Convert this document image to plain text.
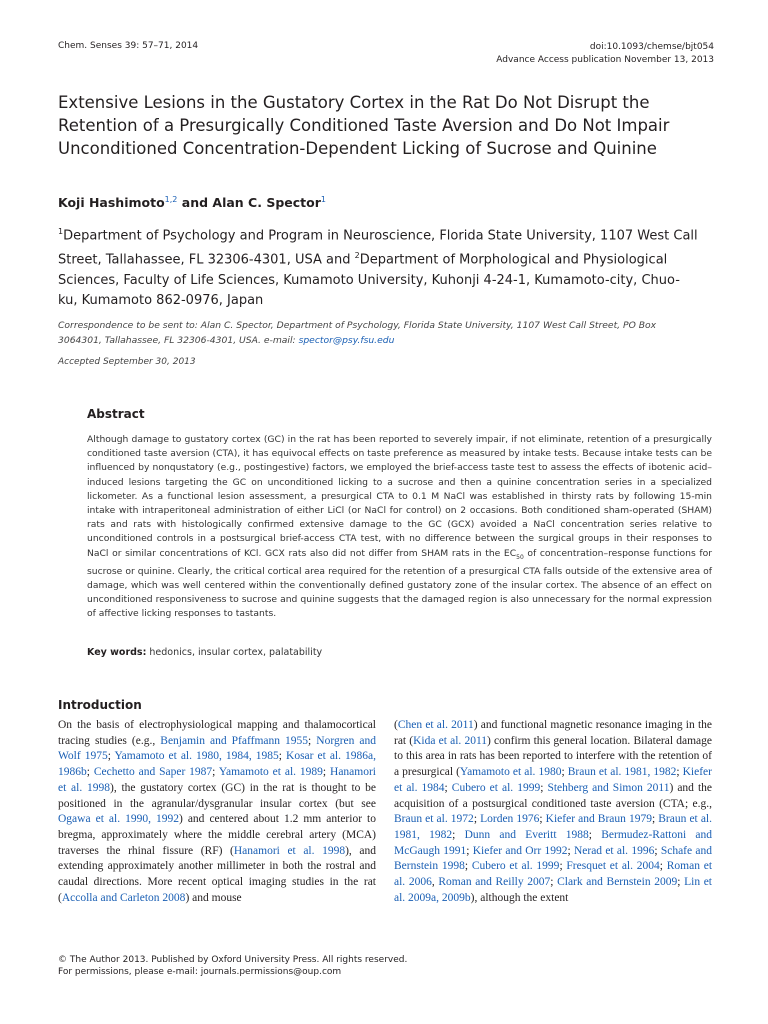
Chem. Senses 39: 57–71, 2014	doi:10.1093/chemse/bjt054
Advance Access publication November 13, 2013
Extensive Lesions in the Gustatory Cortex in the Rat Do Not Disrupt the Retention of a Presurgically Conditioned Taste Aversion and Do Not Impair Unconditioned Concentration-Dependent Licking of Sucrose and Quinine
Koji Hashimoto$^{1,2}$ and Alan C. Spector$^1$
$^1$Department of Psychology and Program in Neuroscience, Florida State University, 1107 West Call Street, Tallahassee, FL 32306-4301, USA and $^2$Department of Morphological and Physiological Sciences, Faculty of Life Sciences, Kumamoto University, Kuhonji 4-24-1, Kumamoto-city, Chuo-ku, Kumamoto 862-0976, Japan
Correspondence to be sent to: Alan C. Spector, Department of Psychology, Florida State University, 1107 West Call Street, PO Box 3064301, Tallahassee, FL 32306-4301, USA. e-mail: spector@psy.fsu.edu
Accepted September 30, 2013
Abstract
Although damage to gustatory cortex (GC) in the rat has been reported to severely impair, if not eliminate, retention of a presurgically conditioned taste aversion (CTA), it has equivocal effects on taste preference as measured by intake tests. Because intake tests can be influenced by nonqustatory (e.g., postingestive) factors, we employed the brief-access taste test to assess the effects of ibotenic acid–induced lesions targeting the GC on unconditioned licking to a sucrose and then a quinine concentration series in a specialized lickometer. As a functional lesion assessment, a presurgical CTA to 0.1 M NaCl was established in thirsty rats by following 15-min intake with intraperitoneal administration of either LiCl (or NaCl for control) on 2 occasions. Both conditioned sham-operated (SHAM) rats and rats with histologically confirmed extensive damage to the GC (GCX) avoided a NaCl concentration series relative to unconditioned controls in a postsurgical brief-access CTA test, with no difference between the surgical groups in their responses to NaCl or similar concentrations of KCl. GCX rats also did not differ from SHAM rats in the $EC_{50}$ of concentration–response functions for sucrose or quinine. Clearly, the critical cortical area required for the retention of a presurgical CTA falls outside of the extensive area of damage, which was well centered within the conventionally defined gustatory zone of the insular cortex. The absence of an effect on unconditioned responsiveness to sucrose and quinine suggests that the damaged region is also unnecessary for the normal expression of affective licking responses to tastants.
Key words: hedonics, insular cortex, palatability
Introduction
On the basis of electrophysiological mapping and thalamocortical tracing studies (e.g., Benjamin and Pfaffmann 1955; Norgren and Wolf 1975; Yamamoto et al. 1980, 1984, 1985; Kosar et al. 1986a, 1986b; Cechetto and Saper 1987; Yamamoto et al. 1989; Hanamori et al. 1998), the gustatory cortex (GC) in the rat is thought to be positioned in the agranular/dysgranular insular cortex (but see Ogawa et al. 1990, 1992) and centered about 1.2 mm anterior to bregma, approximately where the middle cerebral artery (MCA) traverses the rhinal fissure (RF) (Hanamori et al. 1998), and extending approximately another millimeter in both the rostral and caudal directions. More recent optical imaging studies in the rat (Accolla and Carleton 2008) and mouse
(Chen et al. 2011) and functional magnetic resonance imaging in the rat (Kida et al. 2011) confirm this general location. Bilateral damage to this area in rats has been reported to interfere with the retention of a presurgical (Yamamoto et al. 1980; Braun et al. 1981, 1982; Kiefer et al. 1984; Cubero et al. 1999; Stehberg and Simon 2011) and the acquisition of a postsurgical conditioned taste aversion (CTA; e.g., Braun et al. 1972; Lorden 1976; Kiefer and Braun 1979; Braun et al. 1981, 1982; Dunn and Everitt 1988; Bermudez-Rattoni and McGaugh 1991; Kiefer and Orr 1992; Nerad et al. 1996; Schafe and Bernstein 1998; Cubero et al. 1999; Fresquet et al. 2004; Roman et al. 2006, Roman and Reilly 2007; Clark and Bernstein 2009; Lin et al. 2009a, 2009b), although the extent
© The Author 2013. Published by Oxford University Press. All rights reserved.
For permissions, please e-mail: journals.permissions@oup.com
